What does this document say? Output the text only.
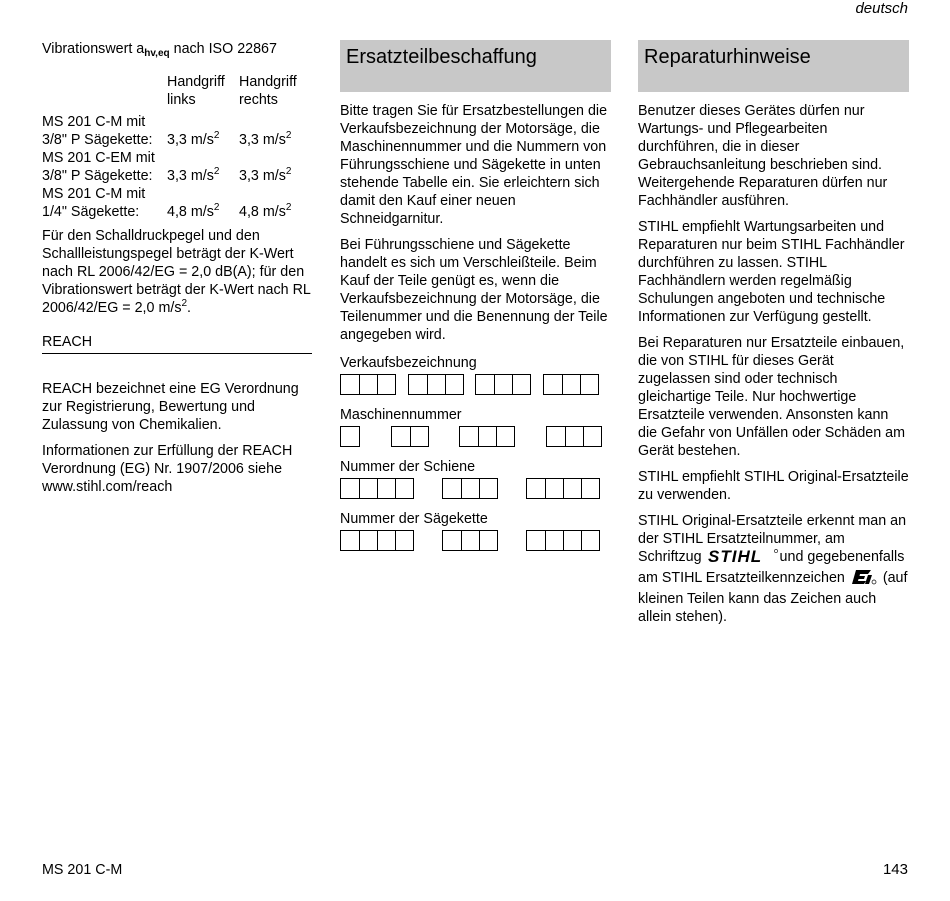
deutsch
Vibrationswert $a_{hv,eq}$ nach ISO 22867
	Handgriff links	Handgriff rechts
MS 201 C-M mit		
3/8" P Sägekette:	3,3 $m/s^2$	3,3 $m/s^2$
MS 201 C-EM mit		
3/8" P Sägekette:	3,3 $m/s^2$	3,3 $m/s^2$
MS 201 C-M mit		
1/4" Sägekette:	4,8 $m/s^2$	4,8 $m/s^2$

Für den Schalldruckpegel und den Schallleistungspegel beträgt der K-Wert nach RL 2006/42/EG = 2,0 dB(A); für den Vibrationswert beträgt der K-Wert nach RL 2006/42/EG = 2,0 $m/s^2$.

REACH

REACH bezeichnet eine EG Verordnung zur Registrierung, Bewertung und Zulassung von Chemikalien.

Informationen zur Erfüllung der REACH Verordnung (EG) Nr. 1907/2006 siehe www.stihl.com/reach

Ersatzteilbeschaffung

Bitte tragen Sie für Ersatzbestellungen die Verkaufsbezeichnung der Motorsäge, die Maschinennummer und die Nummern von Führungsschiene und Sägekette in unten stehende Tabelle ein. Sie erleichtern sich damit den Kauf einer neuen Schneidgarnitur.

Bei Führungsschiene und Sägekette handelt es sich um Verschleißteile. Beim Kauf der Teile genügt es, wenn die Verkaufsbezeichnung der Motorsäge, die Teilenummer und die Benennung der Teile angegeben wird.

Verkaufsbezeichnung
Maschinennummer
Nummer der Schiene
Nummer der Sägekette
Reparaturhinweise

Benutzer dieses Gerätes dürfen nur Wartungs- und Pflegearbeiten durchführen, die in dieser Gebrauchsanleitung beschrieben sind. Weitergehende Reparaturen dürfen nur Fachhändler ausführen.

STIHL empfiehlt Wartungsarbeiten und Reparaturen nur beim STIHL Fachhändler durchführen zu lassen. STIHL Fachhändlern werden regelmäßig Schulungen angeboten und technische Informationen zur Verfügung gestellt.

Bei Reparaturen nur Ersatzteile einbauen, die von STIHL für dieses Gerät zugelassen sind oder technisch gleichartige Teile. Nur hochwertige Ersatzteile verwenden. Ansonsten kann die Gefahr von Unfällen oder Schäden am Gerät bestehen.

STIHL empfiehlt STIHL Original-Ersatzteile zu verwenden.

STIHL Original-Ersatzteile erkennt man an der STIHL Ersatzteilnummer, am Schriftzug STIHL und gegebenenfalls am STIHL Ersatzteilkennzeichen  (auf kleinen Teilen kann das Zeichen auch allein stehen).

MS 201 C-M	143
